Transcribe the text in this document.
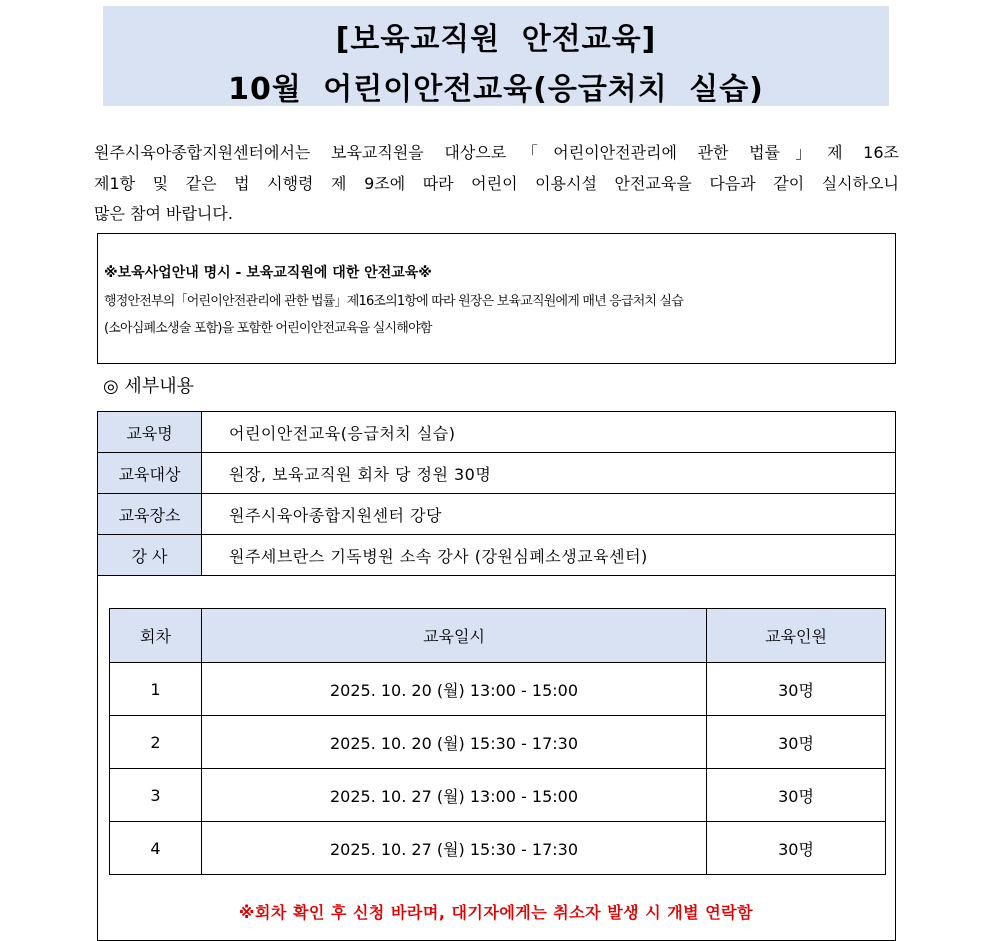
[보육교직원 안전교육]
10월 어린이안전교육(응급처치 실습)
원주시육아종합지원센터에서는 보육교직원을 대상으로「어린이안전관리에 관한 법률」제 16조
제1항 및 같은 법 시행령 제 9조에 따라 어린이 이용시설 안전교육을 다음과 같이 실시하오니
많은 참여 바랍니다.
※보육사업안내 명시 - 보육교직원에 대한 안전교육※
행정안전부의「어린이안전관리에 관한 법률」제16조의1항에 따라 원장은 보육교직원에게 매년 응급처치 실습
(소아심폐소생술 포함)을 포함한 어린이안전교육을 실시해야함
◎ 세부내용
교육명	어린이안전교육(응급처치 실습)
교육대상	원장, 보육교직원 회차 당 정원 30명
교육장소	원주시육아종합지원센터 강당
강 사	원주세브란스 기독병원 소속 강사 (강원심폐소생교육센터)
회차	교육일시	교육인원
1	2025. 10. 20 (월) 13:00 - 15:00	30명
2	2025. 10. 20 (월) 15:30 - 17:30	30명
3	2025. 10. 27 (월) 13:00 - 15:00	30명
4	2025. 10. 27 (월) 15:30 - 17:30	30명
※회차 확인 후 신청 바라며, 대기자에게는 취소자 발생 시 개별 연락함
